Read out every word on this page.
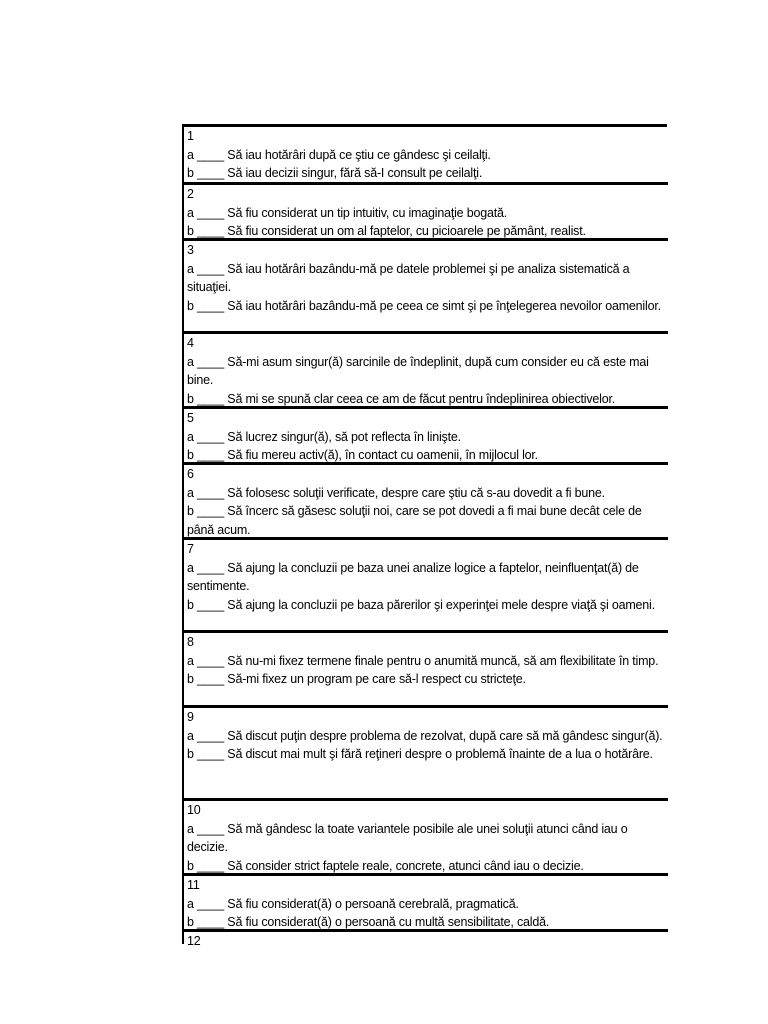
1
a ____ Să iau hotărâri după ce ştiu ce gândesc şi ceilalţi.
b ____ Să iau decizii singur, fără să-I consult pe ceilalţi.
2
a ____ Să fiu considerat un tip intuitiv, cu imaginaţie bogată.
b ____ Să fiu considerat un om al faptelor, cu picioarele pe pământ, realist.
3
a ____ Să iau hotărâri bazându-mă pe datele problemei şi pe analiza sistematică a situaţiei.
b ____ Să iau hotărâri bazându-mă pe ceea ce simt şi pe înţelegerea nevoilor oamenilor.
4
a ____ Să-mi asum singur(ă) sarcinile de îndeplinit, după cum consider eu că este mai bine.
b ____ Să mi se spună clar ceea ce am de făcut pentru îndeplinirea obiectivelor.
5
a ____ Să lucrez singur(ă), să pot reflecta în linişte.
b ____ Să fiu mereu activ(ă), în contact cu oamenii, în mijlocul lor.
6
a ____ Să folosesc soluţii verificate, despre care ştiu că s-au dovedit a fi bune.
b ____ Să încerc să găsesc soluţii noi, care se pot dovedi a fi mai bune decât cele de până acum.
7
a ____ Să ajung la concluzii pe baza unei analize logice a faptelor, neinfluenţat(ă) de sentimente.
b ____ Să ajung la concluzii pe baza părerilor şi experinţei mele despre viaţă şi oameni.
8
a ____ Să nu-mi fixez termene finale pentru o anumită muncă, să am flexibilitate în timp.
b ____ Să-mi fixez un program pe care să-l respect cu stricteţe.
9
a ____ Să discut puţin despre problema de rezolvat, după care să mă gândesc singur(ă).
b ____ Să discut mai mult şi fără reţineri despre o problemă înainte de a lua o hotărâre.
10
a ____ Să mă gândesc la toate variantele posibile ale unei soluţii atunci când iau o decizie.
b ____ Să consider strict faptele reale, concrete, atunci când iau o decizie.
11
a ____ Să fiu considerat(ă) o persoană cerebrală, pragmatică.
b ____ Să fiu considerat(ă) o persoană cu multă sensibilitate, caldă.
12
